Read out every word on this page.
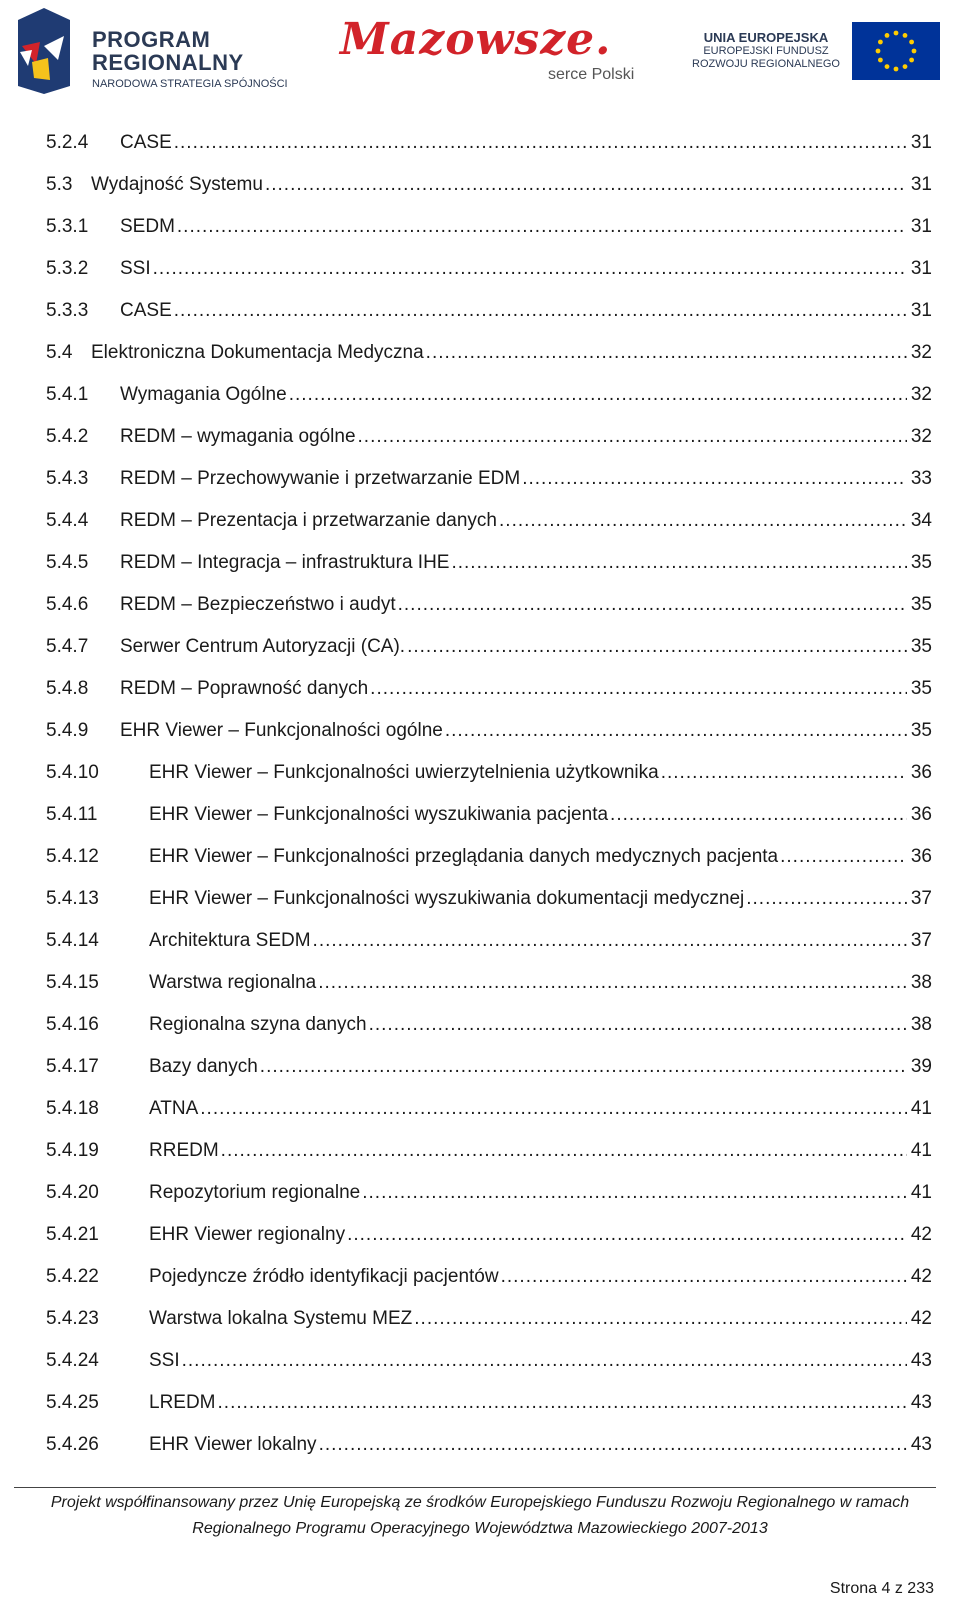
PROGRAM
REGIONALNY
NARODOWA STRATEGIA SPÓJNOŚCI
Mazowsze.
serce Polski
UNIA EUROPEJSKA
EUROPEJSKI FUNDUSZ
ROZWOJU REGIONALNEGO
5.2.4	CASE .....	31
5.3 Wydajność Systemu .....	31
5.3.1	SEDM .....	31
5.3.2	SSI .....	31
5.3.3	CASE .....	31
5.4 Elektroniczna Dokumentacja Medyczna .....	32
5.4.1	Wymagania Ogólne .....	32
5.4.2	REDM – wymagania ogólne .....	32
5.4.3	REDM – Przechowywanie i przetwarzanie EDM .....	33
5.4.4	REDM – Prezentacja i przetwarzanie danych .....	34
5.4.5	REDM – Integracja – infrastruktura IHE .....	35
5.4.6	REDM – Bezpieczeństwo i audyt .....	35
5.4.7	Serwer Centrum Autoryzacji (CA). .....	35
5.4.8	REDM – Poprawność danych .....	35
5.4.9	EHR Viewer – Funkcjonalności ogólne .....	35
5.4.10	EHR Viewer – Funkcjonalności uwierzytelnienia użytkownika .....	36
5.4.11	EHR Viewer – Funkcjonalności wyszukiwania pacjenta .....	36
5.4.12	EHR Viewer – Funkcjonalności przeglądania danych medycznych pacjenta .....	36
5.4.13	EHR Viewer – Funkcjonalności wyszukiwania dokumentacji medycznej .....	37
5.4.14	Architektura SEDM .....	37
5.4.15	Warstwa regionalna .....	38
5.4.16	Regionalna szyna danych .....	38
5.4.17	Bazy danych .....	39
5.4.18	ATNA .....	41
5.4.19	RREDM .....	41
5.4.20	Repozytorium regionalne .....	41
5.4.21	EHR Viewer regionalny .....	42
5.4.22	Pojedyncze źródło identyfikacji pacjentów .....	42
5.4.23	Warstwa lokalna Systemu MEZ .....	42
5.4.24	SSI .....	43
5.4.25	LREDM .....	43
5.4.26	EHR Viewer lokalny .....	43
Projekt współfinansowany przez Unię Europejską ze środków Europejskiego Funduszu Rozwoju Regionalnego w ramach
Regionalnego Programu Operacyjnego Województwa Mazowieckiego 2007-2013
Strona 4 z 233
